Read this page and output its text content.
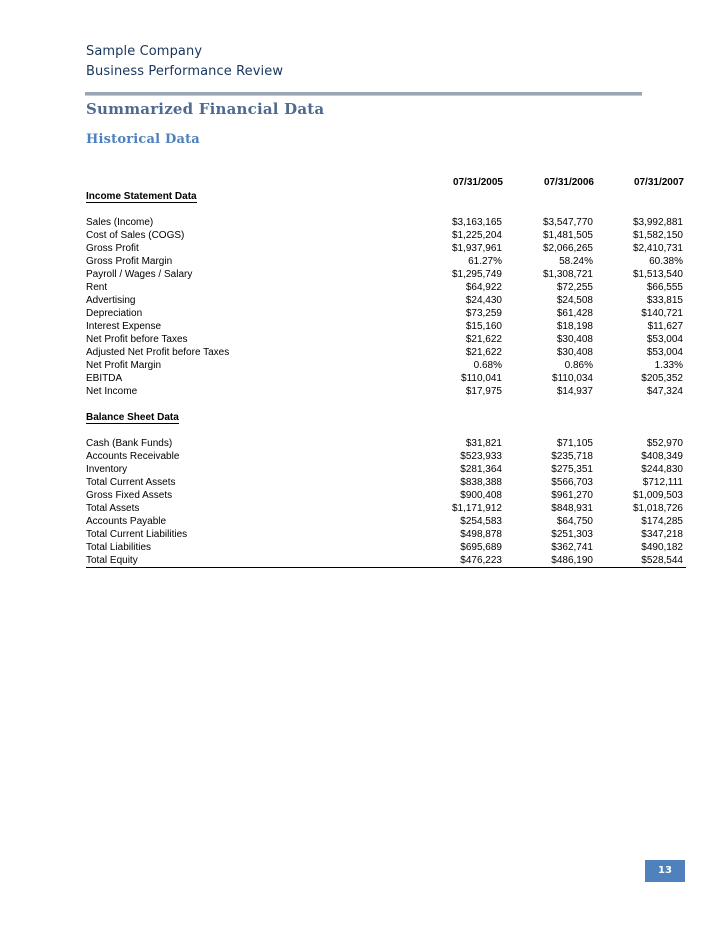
Sample Company
Business Performance Review
Summarized Financial Data
Historical Data
07/31/2005	07/31/2006	07/31/2007
Income Statement Data
Sales (Income)	$3,163,165	$3,547,770	$3,992,881
Cost of Sales (COGS)	$1,225,204	$1,481,505	$1,582,150
Gross Profit	$1,937,961	$2,066,265	$2,410,731
Gross Profit Margin	61.27%	58.24%	60.38%
Payroll / Wages / Salary	$1,295,749	$1,308,721	$1,513,540
Rent	$64,922	$72,255	$66,555
Advertising	$24,430	$24,508	$33,815
Depreciation	$73,259	$61,428	$140,721
Interest Expense	$15,160	$18,198	$11,627
Net Profit before Taxes	$21,622	$30,408	$53,004
Adjusted Net Profit before Taxes	$21,622	$30,408	$53,004
Net Profit Margin	0.68%	0.86%	1.33%
EBITDA	$110,041	$110,034	$205,352
Net Income	$17,975	$14,937	$47,324
Balance Sheet Data
Cash (Bank Funds)	$31,821	$71,105	$52,970
Accounts Receivable	$523,933	$235,718	$408,349
Inventory	$281,364	$275,351	$244,830
Total Current Assets	$838,388	$566,703	$712,111
Gross Fixed Assets	$900,408	$961,270	$1,009,503
Total Assets	$1,171,912	$848,931	$1,018,726
Accounts Payable	$254,583	$64,750	$174,285
Total Current Liabilities	$498,878	$251,303	$347,218
Total Liabilities	$695,689	$362,741	$490,182
Total Equity	$476,223	$486,190	$528,544
13
